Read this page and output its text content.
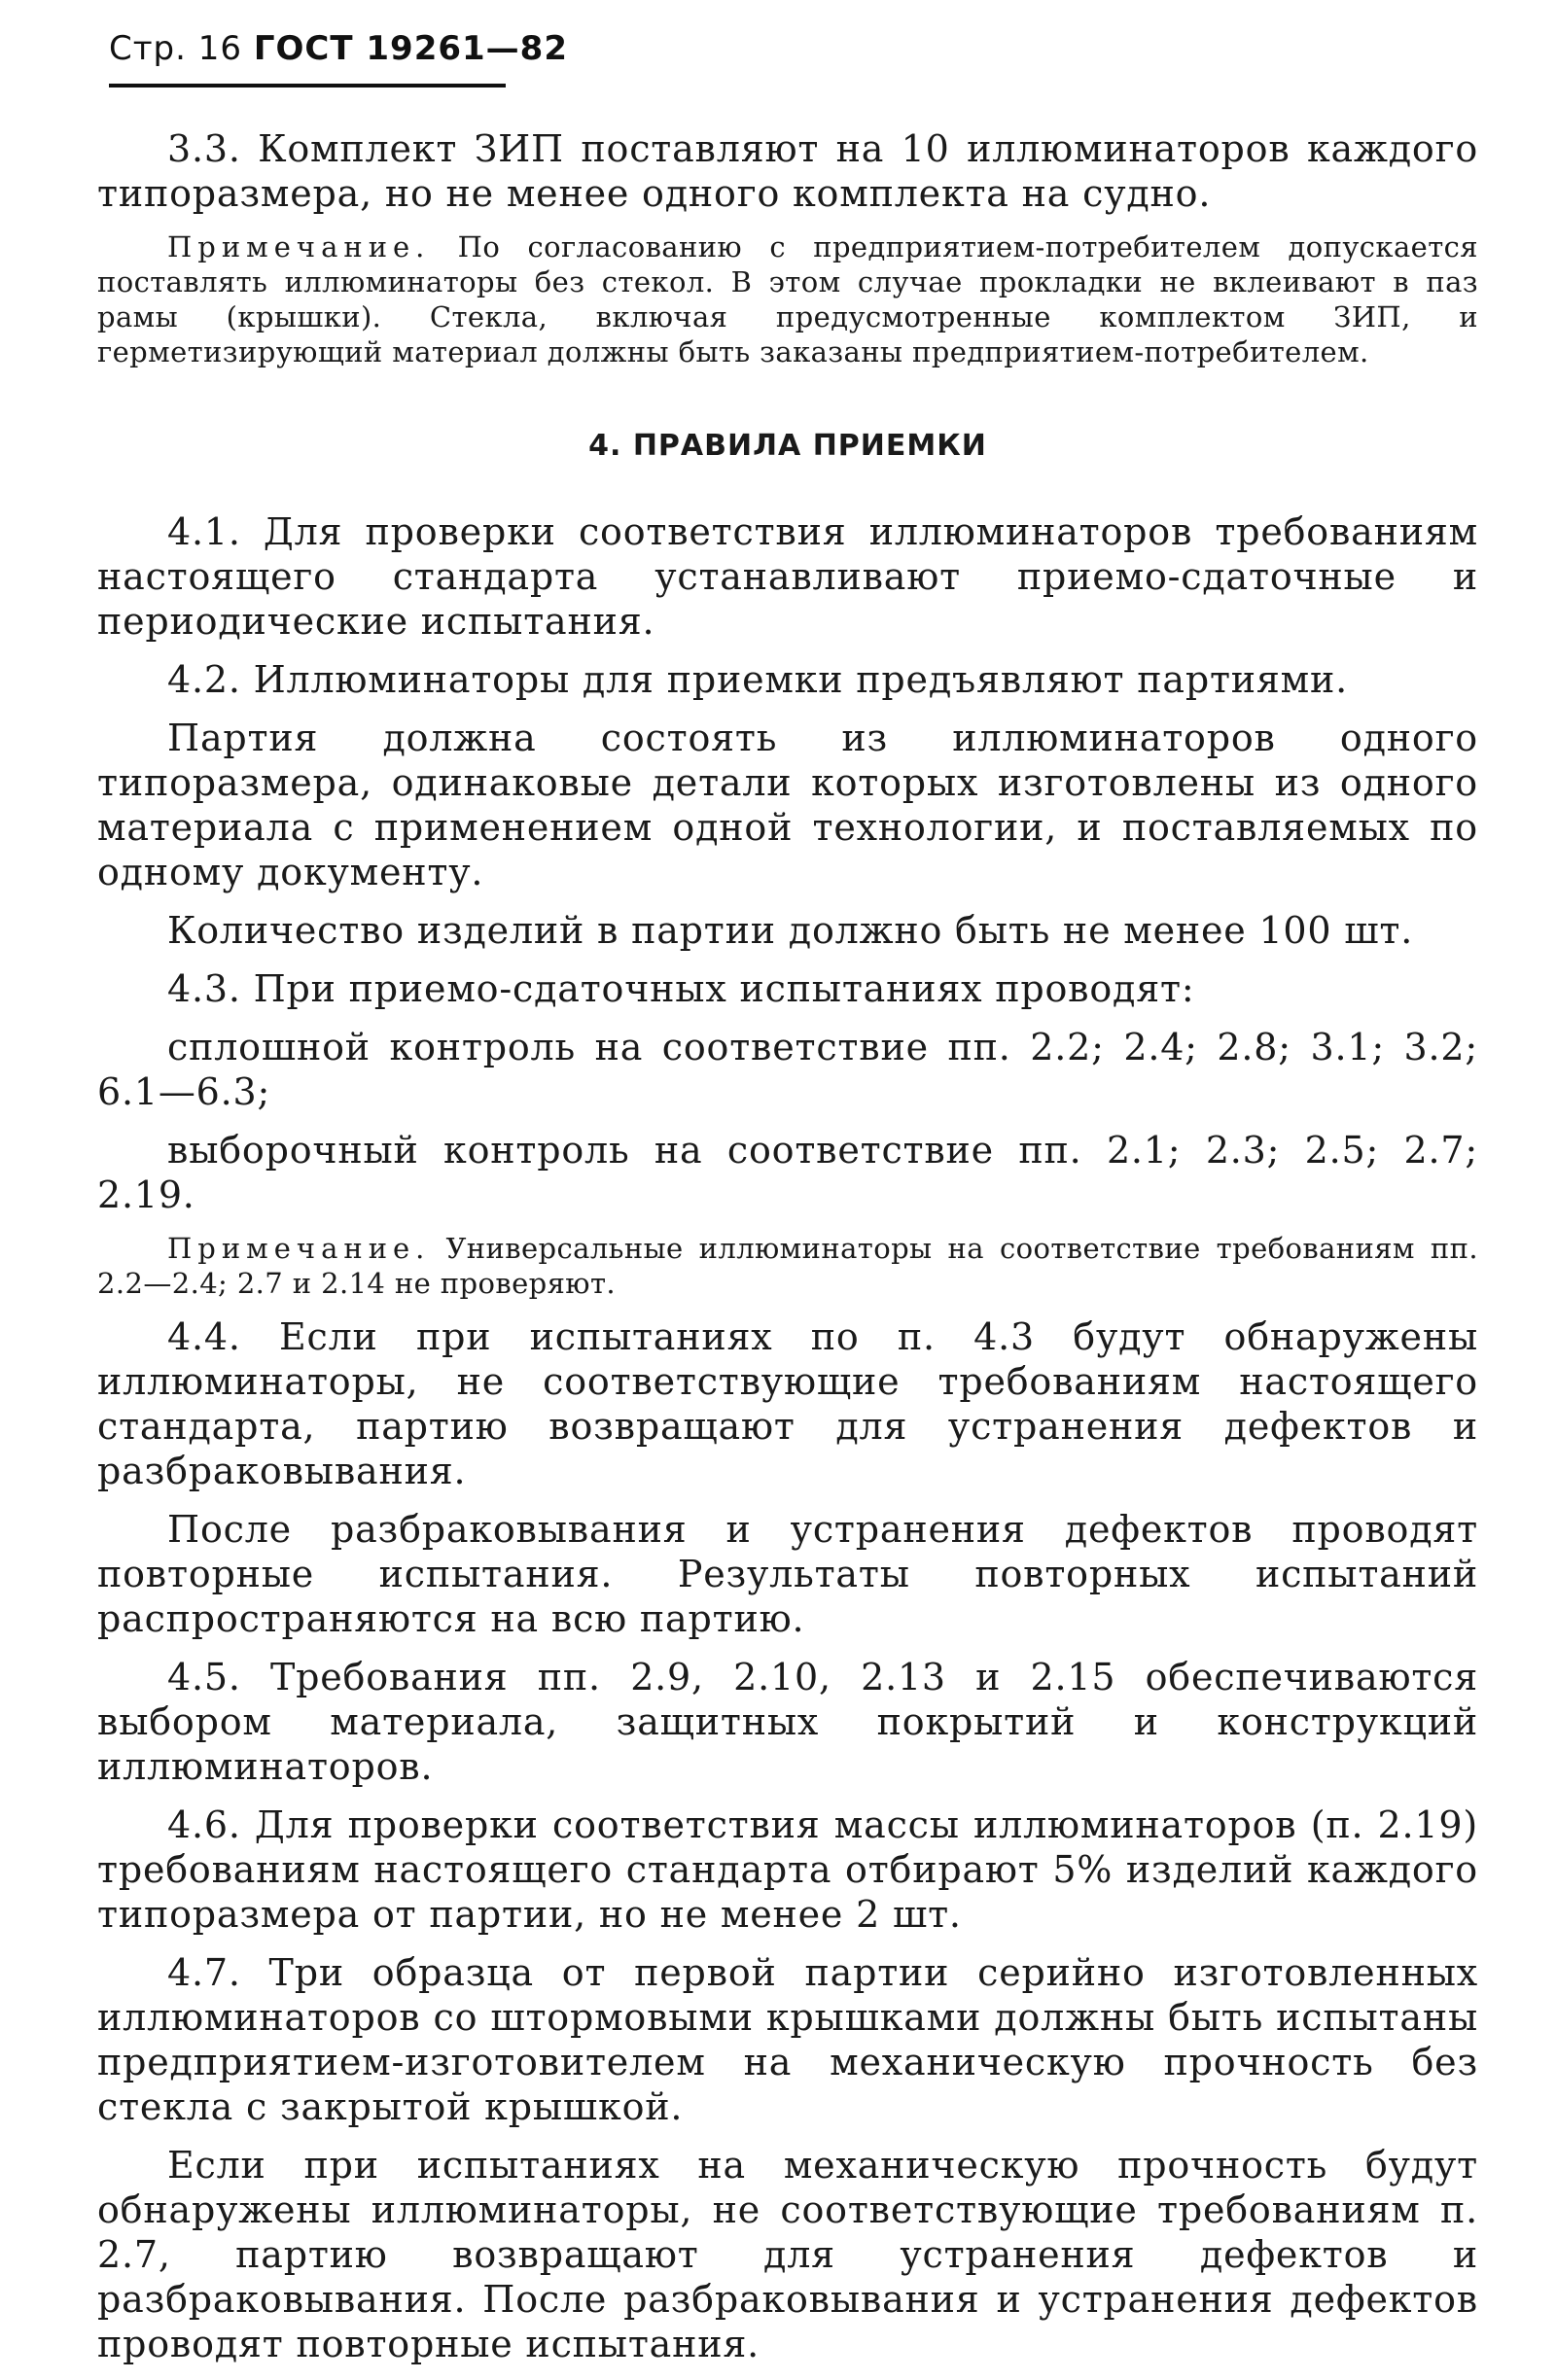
Стр. 16 ГОСТ 19261—82

3.3. Комплект ЗИП поставляют на 10 иллюминаторов каждого типоразмера, но не менее одного комплекта на судно.

Примечание. По согласованию с предприятием-потребителем допускается поставлять иллюминаторы без стекол. В этом случае прокладки не вклеивают в паз рамы (крышки). Стекла, включая предусмотренные комплектом ЗИП, и герметизирующий материал должны быть заказаны предприятием-потребителем.

4. ПРАВИЛА ПРИЕМКИ

4.1. Для проверки соответствия иллюминаторов требованиям настоящего стандарта устанавливают приемо-сдаточные и периодические испытания.

4.2. Иллюминаторы для приемки предъявляют партиями.

Партия должна состоять из иллюминаторов одного типоразмера, одинаковые детали которых изготовлены из одного материала с применением одной технологии, и поставляемых по одному документу.

Количество изделий в партии должно быть не менее 100 шт.

4.3. При приемо-сдаточных испытаниях проводят:

сплошной контроль на соответствие пп. 2.2; 2.4; 2.8; 3.1; 3.2; 6.1—6.3;

выборочный контроль на соответствие пп. 2.1; 2.3; 2.5; 2.7; 2.19.

Примечание. Универсальные иллюминаторы на соответствие требованиям пп. 2.2—2.4; 2.7 и 2.14 не проверяют.

4.4. Если при испытаниях по п. 4.3 будут обнаружены иллюминаторы, не соответствующие требованиям настоящего стандарта, партию возвращают для устранения дефектов и разбраковывания.

После разбраковывания и устранения дефектов проводят повторные испытания. Результаты повторных испытаний распространяются на всю партию.

4.5. Требования пп. 2.9, 2.10, 2.13 и 2.15 обеспечиваются выбором материала, защитных покрытий и конструкций иллюминаторов.

4.6. Для проверки соответствия массы иллюминаторов (п. 2.19) требованиям настоящего стандарта отбирают 5% изделий каждого типоразмера от партии, но не менее 2 шт.

4.7. Три образца от первой партии серийно изготовленных иллюминаторов со штормовыми крышками должны быть испытаны предприятием-изготовителем на механическую прочность без стекла с закрытой крышкой.

Если при испытаниях на механическую прочность будут обнаружены иллюминаторы, не соответствующие требованиям п. 2.7, партию возвращают для устранения дефектов и разбраковывания. После разбраковывания и устранения дефектов проводят повторные испытания.
